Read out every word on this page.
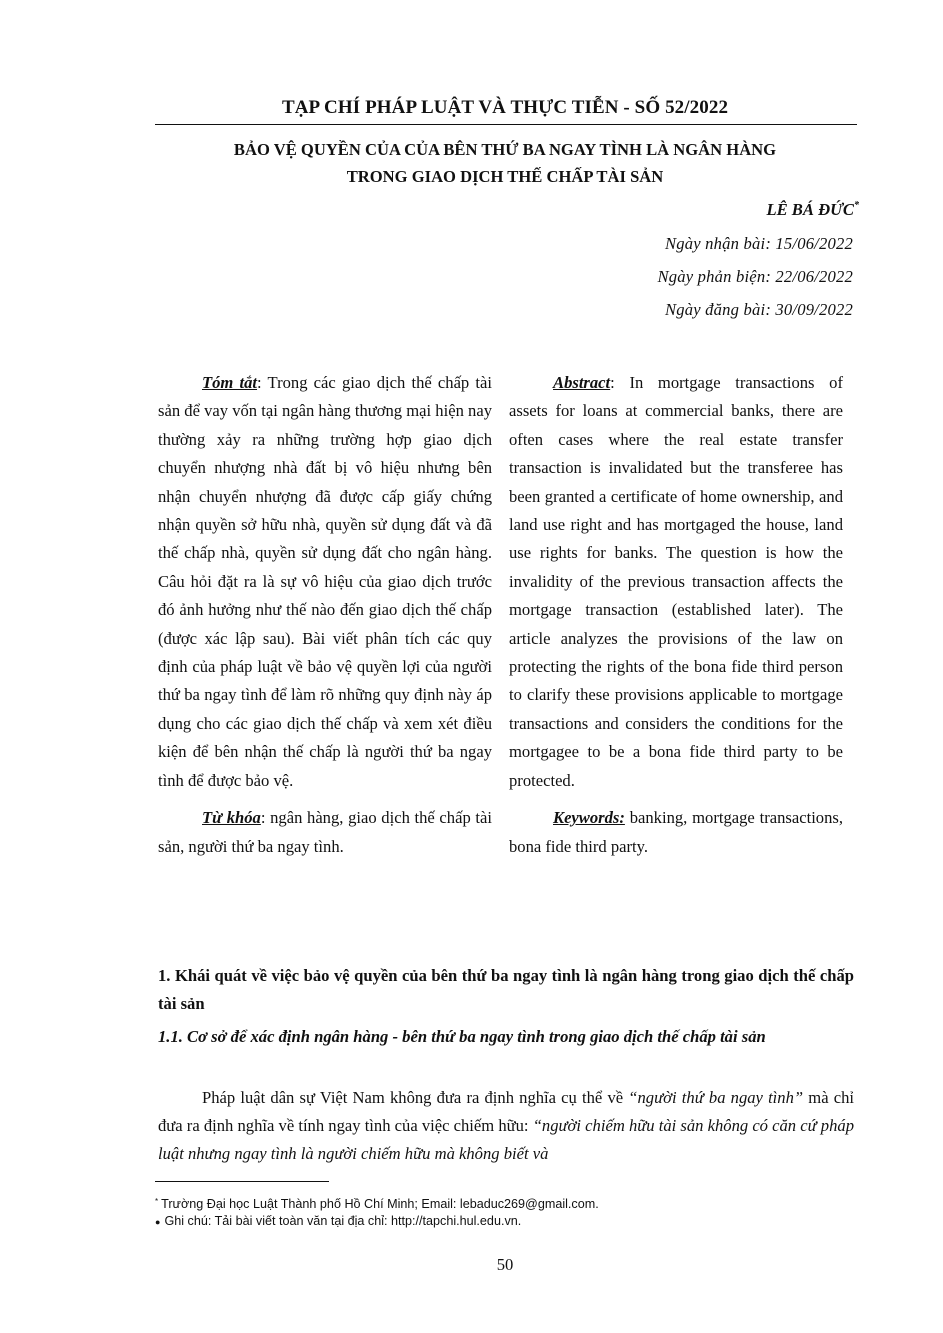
TẠP CHÍ PHÁP LUẬT VÀ THỰC TIỄN - SỐ 52/2022
BẢO VỆ QUYỀN CỦA CỦA BÊN THỨ BA NGAY TÌNH LÀ NGÂN HÀNG
TRONG GIAO DỊCH THẾ CHẤP TÀI SẢN
LÊ BÁ ĐỨC*
Ngày nhận bài: 15/06/2022
Ngày phản biện: 22/06/2022
Ngày đăng bài: 30/09/2022

Tóm tắt: Trong các giao dịch thế chấp tài sản để vay vốn tại ngân hàng thương mại hiện nay thường xảy ra những trường hợp giao dịch chuyển nhượng nhà đất bị vô hiệu nhưng bên nhận chuyển nhượng đã được cấp giấy chứng nhận quyền sở hữu nhà, quyền sử dụng đất và đã thế chấp nhà, quyền sử dụng đất cho ngân hàng. Câu hỏi đặt ra là sự vô hiệu của giao dịch trước đó ảnh hưởng như thế nào đến giao dịch thế chấp (được xác lập sau). Bài viết phân tích các quy định của pháp luật về bảo vệ quyền lợi của người thứ ba ngay tình để làm rõ những quy định này áp dụng cho các giao dịch thế chấp và xem xét điều kiện để bên nhận thế chấp là người thứ ba ngay tình để được bảo vệ.

Từ khóa: ngân hàng, giao dịch thế chấp tài sản, người thứ ba ngay tình.

Abstract: In mortgage transactions of assets for loans at commercial banks, there are often cases where the real estate transfer transaction is invalidated but the transferee has been granted a certificate of home ownership, and land use right and has mortgaged the house, land use rights for banks. The question is how the invalidity of the previous transaction affects the mortgage transaction (established later). The article analyzes the provisions of the law on protecting the rights of the bona fide third person to clarify these provisions applicable to mortgage transactions and considers the conditions for the mortgagee to be a bona fide third party to be protected.

Keywords: banking, mortgage transactions, bona fide third party.

1. Khái quát về việc bảo vệ quyền của bên thứ ba ngay tình là ngân hàng trong giao dịch thế chấp tài sản
1.1. Cơ sở để xác định ngân hàng - bên thứ ba ngay tình trong giao dịch thế chấp tài sản

Pháp luật dân sự Việt Nam không đưa ra định nghĩa cụ thể về “người thứ ba ngay tình” mà chỉ đưa ra định nghĩa về tính ngay tình của việc chiếm hữu: “người chiếm hữu tài sản không có căn cứ pháp luật nhưng ngay tình là người chiếm hữu mà không biết và

* Trường Đại học Luật Thành phố Hồ Chí Minh; Email: lebaduc269@gmail.com.
● Ghi chú: Tải bài viết toàn văn tại địa chỉ: http://tapchi.hul.edu.vn.
50
